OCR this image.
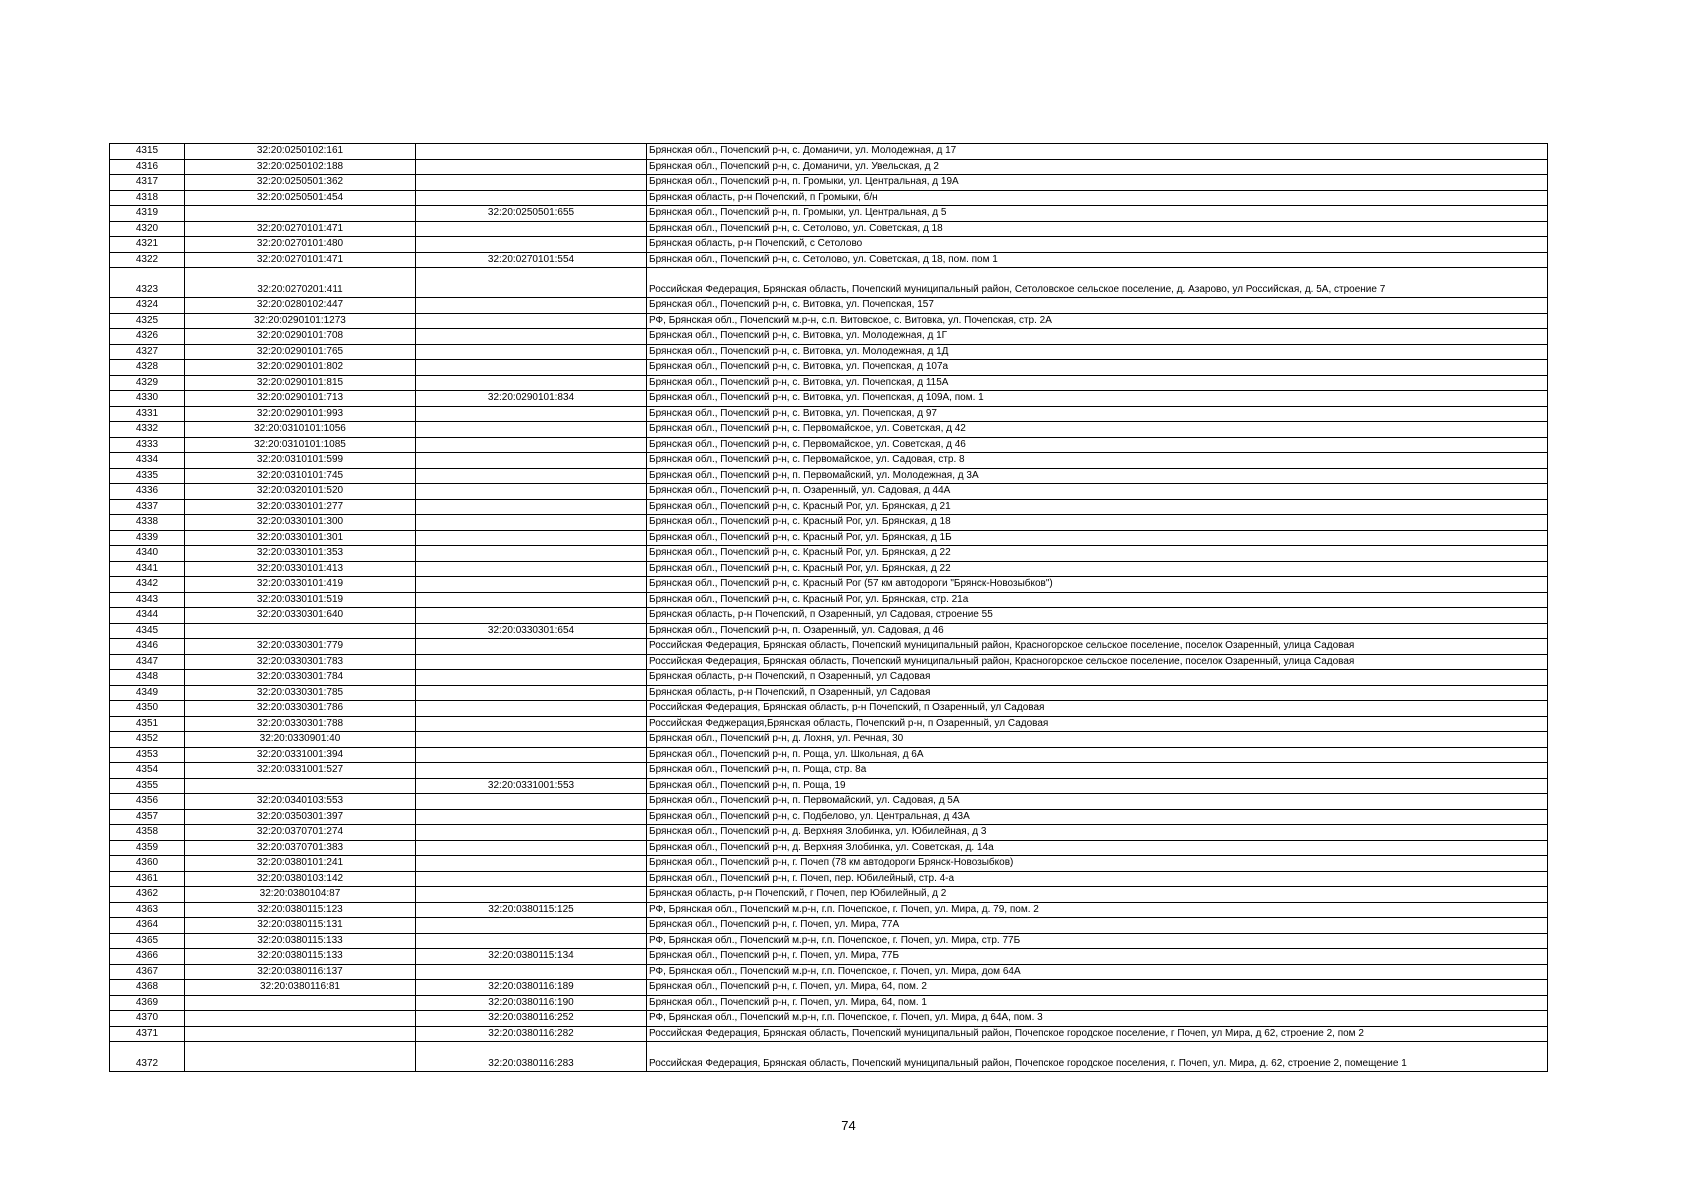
4315	32:20:0250102:161		Брянская обл., Почепский р-н, с. Доманичи, ул. Молодежная, д 17
4316	32:20:0250102:188		Брянская обл., Почепский р-н, с. Доманичи, ул. Увельская, д 2
4317	32:20:0250501:362		Брянская обл., Почепский р-н, п. Громыки, ул. Центральная, д 19А
4318	32:20:0250501:454		Брянская область, р-н Почепский, п Громыки, б/н
4319		32:20:0250501:655	Брянская обл., Почепский р-н, п. Громыки, ул. Центральная, д 5
4320	32:20:0270101:471		Брянская обл., Почепский р-н, с. Сетолово, ул. Советская, д 18
4321	32:20:0270101:480		Брянская область, р-н Почепский, с Сетолово
4322	32:20:0270101:471	32:20:0270101:554	Брянская обл., Почепский р-н, с. Сетолово, ул. Советская, д 18, пом. пом 1
4323	32:20:0270201:411		Российская Федерация, Брянская область, Почепский муниципальный район, Сетоловское сельское поселение, д. Азарово, ул Российская, д. 5А, строение 7
4324	32:20:0280102:447		Брянская обл., Почепский р-н, с. Витовка, ул. Почепская, 157
4325	32:20:0290101:1273		РФ, Брянская обл., Почепский м.р-н, с.п. Витовское, с. Витовка, ул. Почепская, стр. 2А
4326	32:20:0290101:708		Брянская обл., Почепский р-н, с. Витовка, ул. Молодежная, д 1Г
4327	32:20:0290101:765		Брянская обл., Почепский р-н, с. Витовка, ул. Молодежная, д 1Д
4328	32:20:0290101:802		Брянская обл., Почепский р-н, с. Витовка, ул. Почепская, д 107а
4329	32:20:0290101:815		Брянская обл., Почепский р-н, с. Витовка, ул. Почепская, д 115А
4330	32:20:0290101:713	32:20:0290101:834	Брянская обл., Почепский р-н, с. Витовка, ул. Почепская, д 109А, пом. 1
4331	32:20:0290101:993		Брянская обл., Почепский р-н, с. Витовка, ул. Почепская, д 97
4332	32:20:0310101:1056		Брянская обл., Почепский р-н, с. Первомайское, ул. Советская, д 42
4333	32:20:0310101:1085		Брянская обл., Почепский р-н, с. Первомайское, ул. Советская, д 46
4334	32:20:0310101:599		Брянская обл., Почепский р-н, с. Первомайское, ул. Садовая, стр. 8
4335	32:20:0310101:745		Брянская обл., Почепский р-н, п. Первомайский, ул. Молодежная, д 3А
4336	32:20:0320101:520		Брянская обл., Почепский р-н, п. Озаренный, ул. Садовая, д 44А
4337	32:20:0330101:277		Брянская обл., Почепский р-н, с. Красный Рог, ул. Брянская, д 21
4338	32:20:0330101:300		Брянская обл., Почепский р-н, с. Красный Рог, ул. Брянская, д 18
4339	32:20:0330101:301		Брянская обл., Почепский р-н, с. Красный Рог, ул. Брянская, д 1Б
4340	32:20:0330101:353		Брянская обл., Почепский р-н, с. Красный Рог, ул. Брянская, д 22
4341	32:20:0330101:413		Брянская обл., Почепский р-н, с. Красный Рог, ул. Брянская, д 22
4342	32:20:0330101:419		Брянская обл., Почепский р-н, с. Красный Рог (57 км автодороги "Брянск-Новозыбков")
4343	32:20:0330101:519		Брянская обл., Почепский р-н, с. Красный Рог, ул. Брянская, стр. 21а
4344	32:20:0330301:640		Брянская область, р-н Почепский, п Озаренный, ул Садовая, строение 55
4345		32:20:0330301:654	Брянская обл., Почепский р-н, п. Озаренный, ул. Садовая, д 46
4346	32:20:0330301:779		Российская Федерация, Брянская область, Почепский муниципальный район, Красногорское сельское поселение, поселок Озаренный, улица Садовая
4347	32:20:0330301:783		Российская Федерация, Брянская область, Почепский муниципальный район, Красногорское сельское поселение, поселок Озаренный, улица Садовая
4348	32:20:0330301:784		Брянская область, р-н Почепский, п Озаренный, ул Садовая
4349	32:20:0330301:785		Брянская область, р-н Почепский, п Озаренный, ул Садовая
4350	32:20:0330301:786		Российская Федерация, Брянская область, р-н Почепский, п Озаренный, ул Садовая
4351	32:20:0330301:788		Российская Феджерация,Брянская область, Почепский р-н, п Озаренный, ул Садовая
4352	32:20:0330901:40		Брянская обл., Почепский р-н, д. Лохня, ул. Речная, 30
4353	32:20:0331001:394		Брянская обл., Почепский р-н, п. Роща, ул. Школьная, д 6А
4354	32:20:0331001:527		Брянская обл., Почепский р-н, п. Роща, стр. 8а
4355		32:20:0331001:553	Брянская обл., Почепский р-н, п. Роща, 19
4356	32:20:0340103:553		Брянская обл., Почепский р-н, п. Первомайский, ул. Садовая, д 5А
4357	32:20:0350301:397		Брянская обл., Почепский р-н, с. Подбелово, ул. Центральная, д 43А
4358	32:20:0370701:274		Брянская обл., Почепский р-н, д. Верхняя Злобинка, ул. Юбилейная, д 3
4359	32:20:0370701:383		Брянская обл., Почепский р-н, д. Верхняя Злобинка, ул. Советская, д. 14а
4360	32:20:0380101:241		Брянская обл., Почепский р-н, г. Почеп (78 км автодороги Брянск-Новозыбков)
4361	32:20:0380103:142		Брянская обл., Почепский р-н, г. Почеп, пер. Юбилейный, стр. 4-а
4362	32:20:0380104:87		Брянская область, р-н Почепский, г Почеп, пер Юбилейный, д 2
4363	32:20:0380115:123	32:20:0380115:125	РФ, Брянская обл., Почепский м.р-н, г.п. Почепское, г. Почеп, ул. Мира, д. 79, пом. 2
4364	32:20:0380115:131		Брянская обл., Почепский р-н, г. Почеп, ул. Мира, 77А
4365	32:20:0380115:133		РФ, Брянская обл., Почепский м.р-н, г.п. Почепское, г. Почеп, ул. Мира, стр. 77Б
4366	32:20:0380115:133	32:20:0380115:134	Брянская обл., Почепский р-н, г. Почеп, ул. Мира, 77Б
4367	32:20:0380116:137		РФ, Брянская обл., Почепский м.р-н, г.п. Почепское, г. Почеп, ул. Мира, дом 64А
4368	32:20:0380116:81	32:20:0380116:189	Брянская обл., Почепский р-н, г. Почеп, ул. Мира, 64, пом. 2
4369		32:20:0380116:190	Брянская обл., Почепский р-н, г. Почеп, ул. Мира, 64, пом. 1
4370		32:20:0380116:252	РФ, Брянская обл., Почепский м.р-н, г.п. Почепское, г. Почеп, ул. Мира, д 64А, пом. 3
4371		32:20:0380116:282	Российская Федерация, Брянская область, Почепский муниципальный район, Почепское городское поселение, г Почеп, ул Мира, д 62, строение 2, пом 2
4372		32:20:0380116:283	Российская Федерация, Брянская область, Почепский муниципальный район, Почепское городское поселения, г. Почеп, ул. Мира, д. 62, строение 2, помещение 1
74
